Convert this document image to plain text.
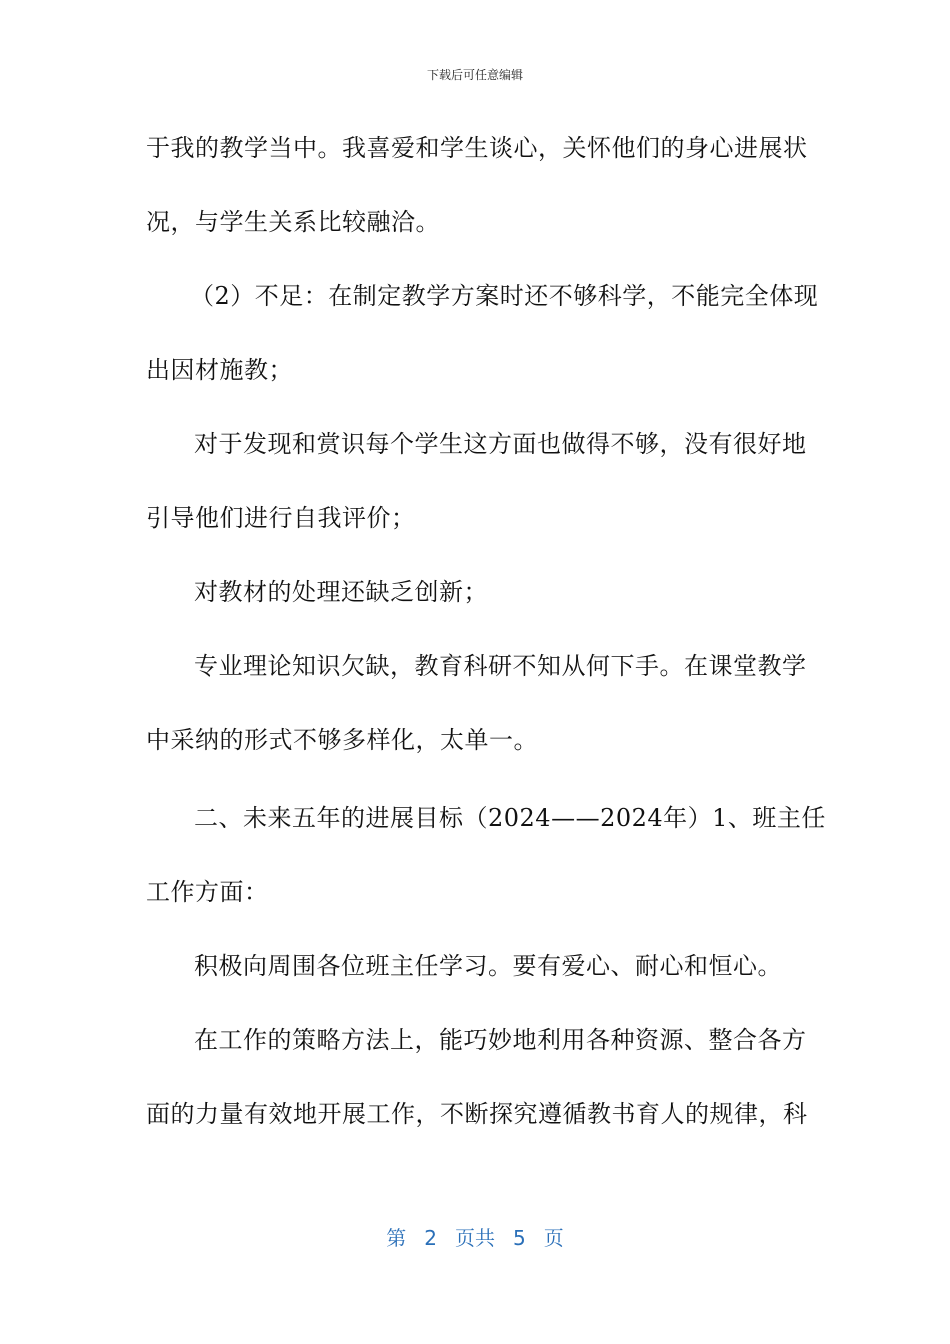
下载后可任意编辑
于我的教学当中。我喜爱和学生谈心，关怀他们的身心进展状
况，与学生关系比较融洽。
（2）不足：在制定教学方案时还不够科学，不能完全体现
出因材施教；
对于发现和赏识每个学生这方面也做得不够，没有很好地
引导他们进行自我评价；
对教材的处理还缺乏创新；
专业理论知识欠缺，教育科研不知从何下手。在课堂教学
中采纳的形式不够多样化，太单一。
二、未来五年的进展目标（2024——2024年）1、班主任
工作方面：
积极向周围各位班主任学习。要有爱心、耐心和恒心。
在工作的策略方法上，能巧妙地利用各种资源、整合各方
面的力量有效地开展工作，不断探究遵循教书育人的规律，科
第 2 页共 5 页
